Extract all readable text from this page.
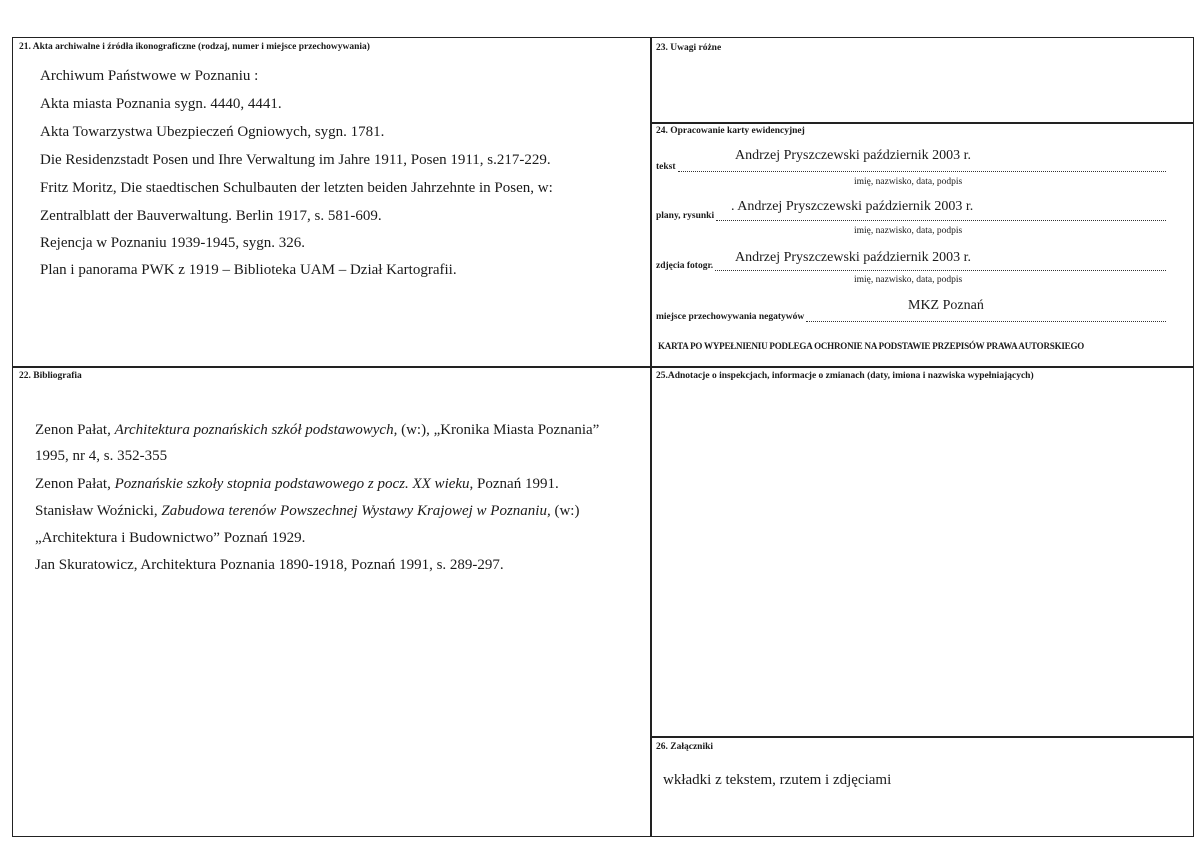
21. Akta archiwalne i źródła ikonograficzne (rodzaj, numer i miejsce przechowywania)
Archiwum Państwowe w Poznaniu :
Akta miasta Poznania sygn. 4440, 4441.
Akta Towarzystwa Ubezpieczeń Ogniowych, sygn. 1781.
Die Residenzstadt Posen und Ihre Verwaltung im Jahre 1911, Posen 1911, s.217-229.
Fritz Moritz, Die staedtischen Schulbauten der letzten beiden Jahrzehnte in Posen, w:
Zentralblatt der Bauverwaltung. Berlin 1917, s. 581-609.
Rejencja w Poznaniu 1939-1945, sygn. 326.
Plan i panorama PWK z 1919 – Biblioteka UAM – Dział Kartografii.
22. Bibliografia
Zenon Pałat, Architektura poznańskich szkół podstawowych, (w:), „Kronika Miasta Poznania”
1995, nr 4, s. 352-355
Zenon Pałat, Poznańskie szkoły stopnia podstawowego z pocz. XX wieku, Poznań 1991.
Stanisław Woźnicki, Zabudowa terenów Powszechnej Wystawy Krajowej w Poznaniu, (w:)
„Architektura i Budownictwo” Poznań 1929.
Jan Skuratowicz, Architektura Poznania 1890-1918, Poznań 1991, s. 289-297.
23. Uwagi różne
24. Opracowanie karty ewidencyjnej
Andrzej Pryszczewski październik 2003 r.
tekst
imię, nazwisko, data, podpis
. Andrzej Pryszczewski październik 2003 r.
plany, rysunki
imię, nazwisko, data, podpis
Andrzej Pryszczewski październik 2003 r.
zdjęcia fotogr.
imię, nazwisko, data, podpis
MKZ Poznań
miejsce przechowywania negatywów
KARTA PO WYPEŁNIENIU PODLEGA OCHRONIE NA PODSTAWIE PRZEPISÓW PRAWA AUTORSKIEGO
25.Adnotacje o inspekcjach, informacje o zmianach (daty, imiona i nazwiska wypełniających)
26. Załączniki
wkładki z tekstem, rzutem i zdjęciami
